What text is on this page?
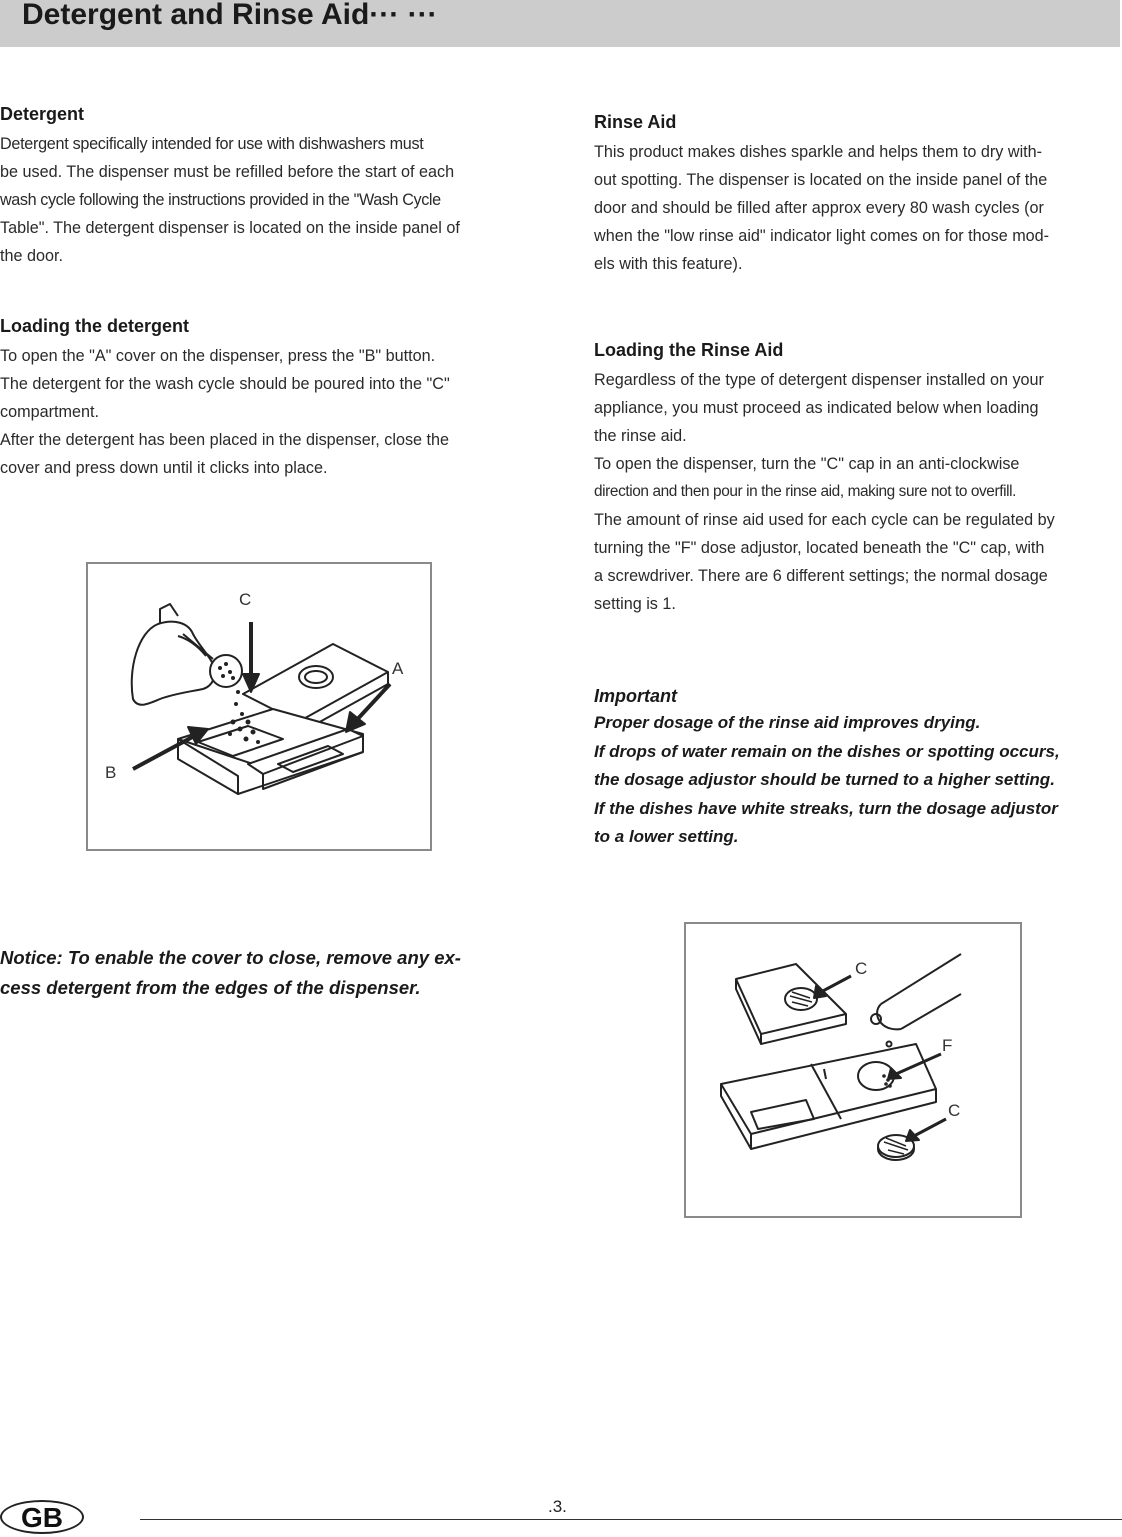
Detergent and Rinse Aid··· ···
Detergent

Detergent specifically intended for use with dishwashers must

be used. The dispenser must be refilled before the start of each

wash cycle following the instructions provided in the "Wash Cycle

Table". The detergent dispenser is located on the inside panel of

the door.

Loading the detergent

To open the "A" cover on the dispenser, press the "B" button.

The detergent for the wash cycle should be poured into the "C"

compartment.

After the detergent has been placed in the dispenser, close the

cover and press down until it clicks into place.

C
A
B

Notice: To enable the cover to close, remove any ex-

cess detergent from the edges of the dispenser.

Rinse Aid

This product makes dishes sparkle and helps them to dry with-

out spotting. The dispenser is located on the inside panel of the

door and should be filled after approx every 80 wash cycles (or

when the "low rinse aid" indicator light comes on for those mod-

els with this feature).

Loading the Rinse Aid

Regardless of the type of detergent dispenser installed on your

appliance, you must proceed as indicated below when loading

the rinse aid.

To open the dispenser, turn the "C" cap in an anti-clockwise

direction and then pour in the rinse aid, making sure not to overfill.

The amount of rinse aid used for each cycle can be regulated by

turning the "F" dose adjustor, located beneath the "C" cap, with

a screwdriver. There are 6 different settings; the normal dosage

setting is 1.

Important

Proper dosage of the rinse aid improves drying.

If drops of water remain on the dishes or spotting occurs,

the dosage adjustor should be turned to a higher setting.

If the dishes have white streaks, turn the dosage adjustor

to a lower setting.

C
F
C
GB	.3.
